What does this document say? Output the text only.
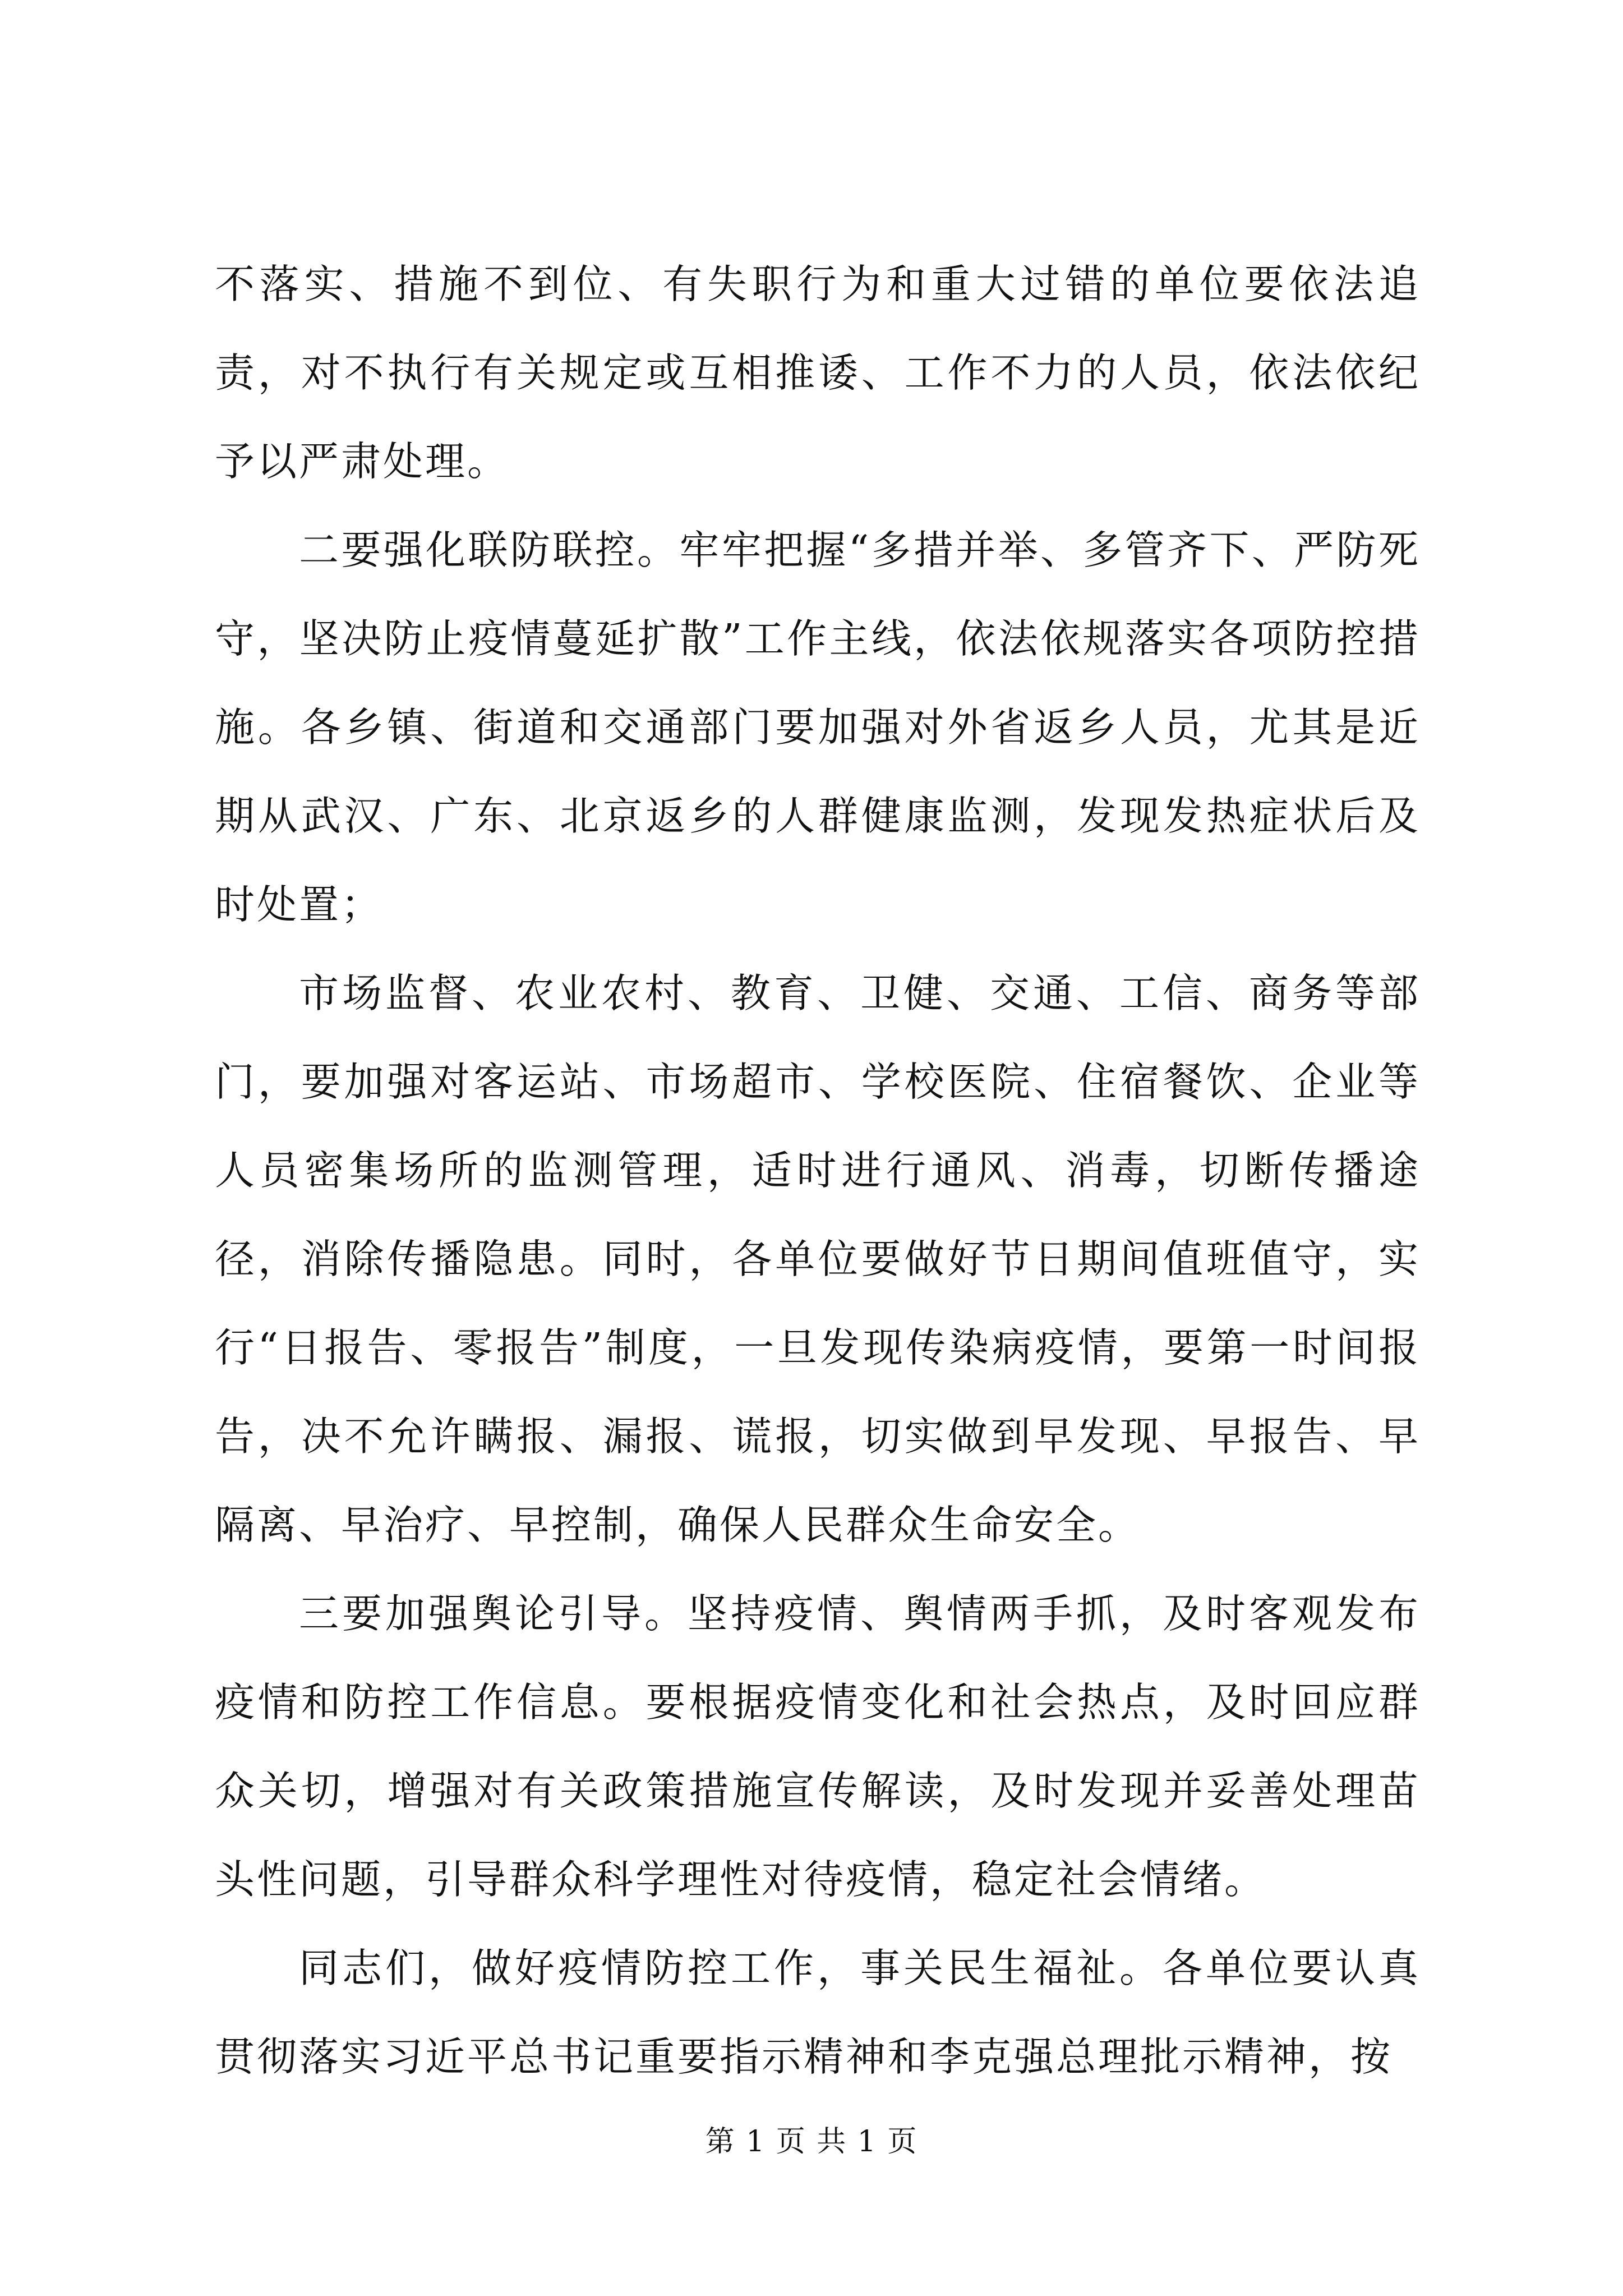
不落实、措施不到位、有失职行为和重大过错的单位要依法追责，对不执行有关规定或互相推诿、工作不力的人员，依法依纪予以严肃处理。

二要强化联防联控。牢牢把握“多措并举、多管齐下、严防死守，坚决防止疫情蔓延扩散”工作主线，依法依规落实各项防控措施。各乡镇、街道和交通部门要加强对外省返乡人员，尤其是近期从武汉、广东、北京返乡的人群健康监测，发现发热症状后及时处置；

市场监督、农业农村、教育、卫健、交通、工信、商务等部门，要加强对客运站、市场超市、学校医院、住宿餐饮、企业等人员密集场所的监测管理，适时进行通风、消毒，切断传播途径，消除传播隐患。同时，各单位要做好节日期间值班值守，实行“日报告、零报告”制度，一旦发现传染病疫情，要第一时间报告，决不允许瞒报、漏报、谎报，切实做到早发现、早报告、早隔离、早治疗、早控制，确保人民群众生命安全。

三要加强舆论引导。坚持疫情、舆情两手抓，及时客观发布疫情和防控工作信息。要根据疫情变化和社会热点，及时回应群众关切，增强对有关政策措施宣传解读，及时发现并妥善处理苗头性问题，引导群众科学理性对待疫情，稳定社会情绪。

同志们，做好疫情防控工作，事关民生福祉。各单位要认真贯彻落实习近平总书记重要指示精神和李克强总理批示精神，按

第 1 页 共 1 页
